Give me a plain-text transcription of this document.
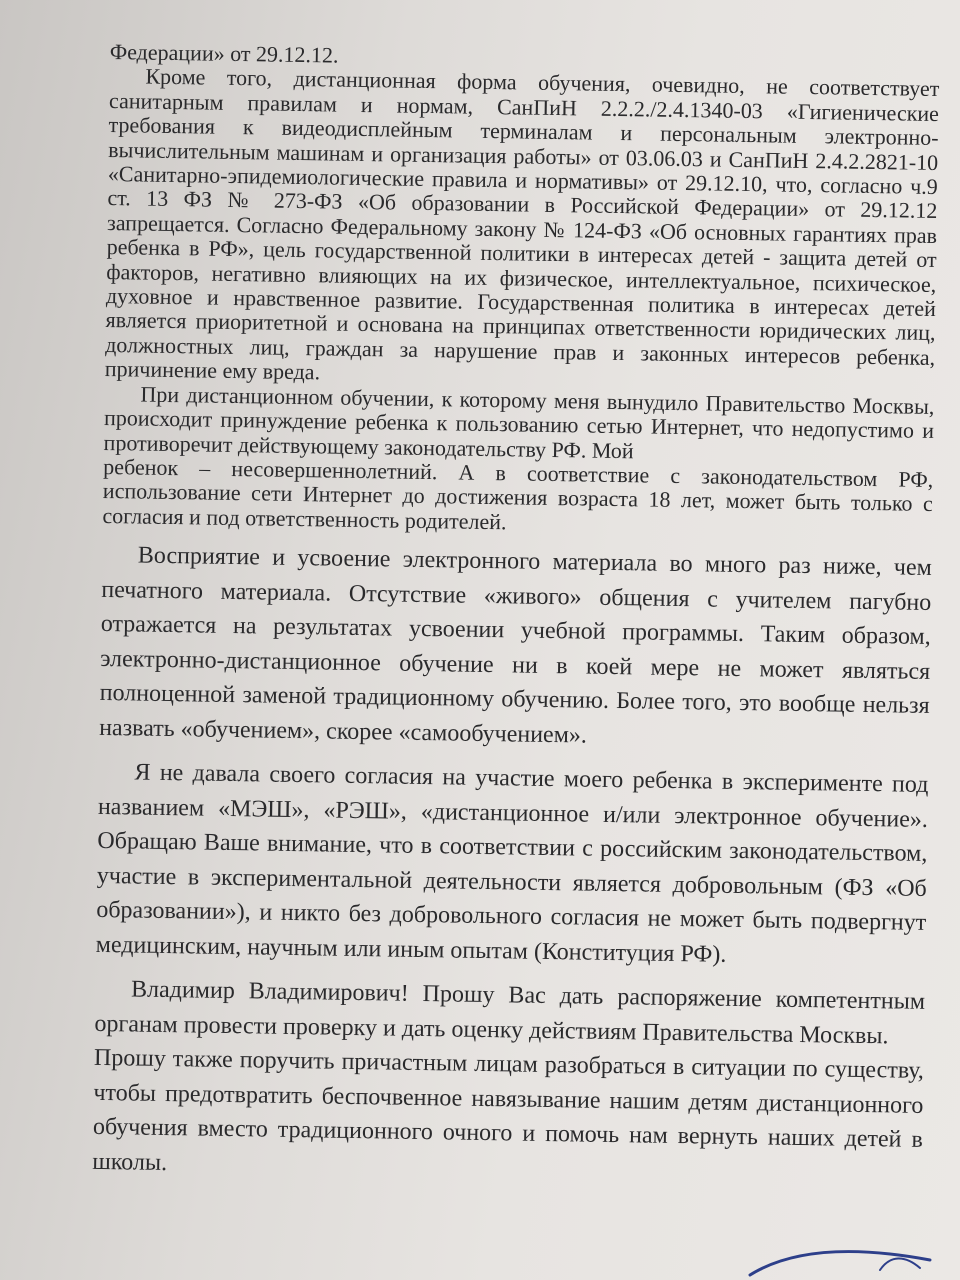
Федерации» от 29.12.12.

Кроме того, дистанционная форма обучения, очевидно, не соответствует санитарным правилам и нормам, СанПиН 2.2.2./2.4.1340-03 «Гигиенические требования к видеодисплейным терминалам и персональным электронно-вычислительным машинам и организация работы» от 03.06.03 и СанПиН 2.4.2.2821-10 «Санитарно-эпидемиологические правила и нормативы» от 29.12.10, что, согласно ч.9 ст. 13 ФЗ № 273-ФЗ «Об образовании в Российской Федерации» от 29.12.12 запрещается. Согласно Федеральному закону № 124-ФЗ «Об основных гарантиях прав ребенка в РФ», цель государственной политики в интересах детей - защита детей от факторов, негативно влияющих на их физическое, интеллектуальное, психическое, духовное и нравственное развитие. Государственная политика в интересах детей является приоритетной и основана на принципах ответственности юридических лиц, должностных лиц, граждан за нарушение прав и законных интересов ребенка, причинение ему вреда.

При дистанционном обучении, к которому меня вынудило Правительство Москвы, происходит принуждение ребенка к пользованию сетью Интернет, что недопустимо и противоречит действующему законодательству РФ. Мой

ребенок – несовершеннолетний. А в соответствие с законодательством РФ, использование сети Интернет до достижения возраста 18 лет, может быть только с согласия и под ответственность родителей.

Восприятие и усвоение электронного материала во много раз ниже, чем печатного материала. Отсутствие «живого» общения с учителем пагубно отражается на результатах усвоении учебной программы. Таким образом, электронно-дистанционное обучение ни в коей мере не может являться полноценной заменой традиционному обучению. Более того, это вообще нельзя назвать «обучением», скорее «самообучением».

Я не давала своего согласия на участие моего ребенка в эксперименте под названием «МЭШ», «РЭШ», «дистанционное и/или электронное обучение». Обращаю Ваше внимание, что в соответствии с российским законодательством, участие в экспериментальной деятельности является добровольным (ФЗ «Об образовании»), и никто без добровольного согласия не может быть подвергнут медицинским, научным или иным опытам (Конституция РФ).

Владимир Владимирович! Прошу Вас дать распоряжение компетентным органам провести проверку и дать оценку действиям Правительства Москвы.

Прошу также поручить причастным лицам разобраться в ситуации по существу, чтобы предотвратить беспочвенное навязывание нашим детям дистанционного обучения вместо традиционного очного и помочь нам вернуть наших детей в школы.
